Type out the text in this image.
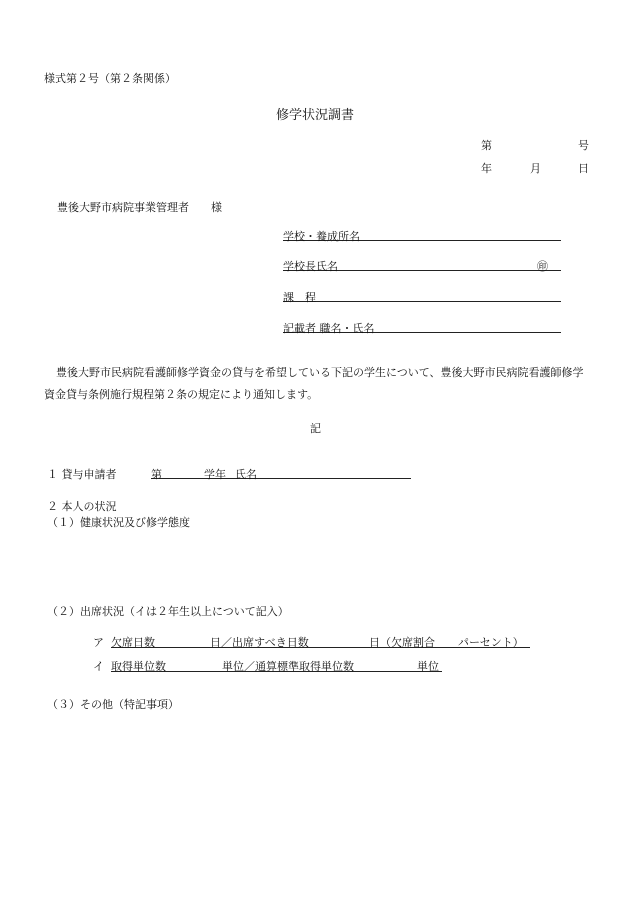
様式第２号（第２条関係）
修学状況調書
第	号
年	月	日
豊後大野市病院事業管理者　　様
学校・養成所名
学校長氏名	㊞
課　程
記載者 職名・氏名
豊後大野市民病院看護師修学資金の貸与を希望している下記の学生について、豊後大野市民病院看護師修学資金貸与条例施行規程第２条の規定により通知します。
記
１ 貸与申請者	第	学年 氏名
２ 本人の状況
（１）健康状況及び修学態度
（２）出席状況（イは２年生以上について記入）
ア 欠席日数	日／出席すべき日数	日（欠席割合 パーセント）
イ 取得単位数	単位／通算標準取得単位数	単位
（３）その他（特記事項）
